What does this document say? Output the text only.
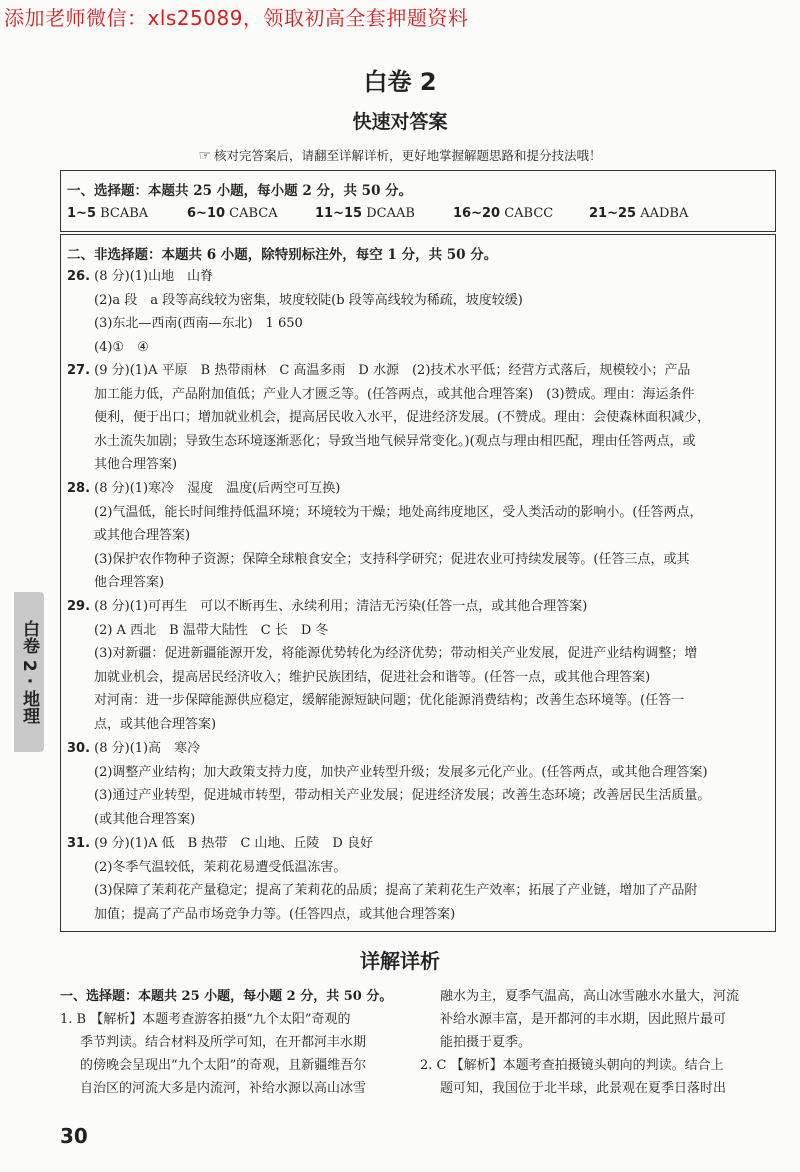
添加老师微信：xls25089，领取初高全套押题资料
白卷 2
快速对答案
☞ 核对完答案后，请翻至详解详析，更好地掌握解题思路和提分技法哦！
一、选择题：本题共 25 小题，每小题 2 分，共 50 分。
1~5 BCABA	6~10 CABCA	11~15 DCAAB	16~20 CABCC	21~25 AADBA
二、非选择题：本题共 6 小题，除特别标注外，每空 1 分，共 50 分。
26. (8 分)(1)山地　山脊
(2)a 段　a 段等高线较为密集，坡度较陡(b 段等高线较为稀疏，坡度较缓)
(3)东北—西南(西南—东北)　1 650
(4)①　④
27. (9 分)(1)A 平原　B 热带雨林　C 高温多雨　D 水源　(2)技术水平低；经营方式落后，规模较小；产品
加工能力低，产品附加值低；产业人才匮乏等。(任答两点，或其他合理答案)　(3)赞成。理由：海运条件
便利，便于出口；增加就业机会，提高居民收入水平，促进经济发展。(不赞成。理由：会使森林面积减少，
水土流失加剧；导致生态环境逐渐恶化；导致当地气候异常变化。)(观点与理由相匹配，理由任答两点，或
其他合理答案)
28. (8 分)(1)寒冷　湿度　温度(后两空可互换)
(2)气温低，能长时间维持低温环境；环境较为干燥；地处高纬度地区，受人类活动的影响小。(任答两点，
或其他合理答案)
(3)保护农作物种子资源；保障全球粮食安全；支持科学研究；促进农业可持续发展等。(任答三点，或其
他合理答案)
29. (8 分)(1)可再生　可以不断再生、永续利用；清洁无污染(任答一点，或其他合理答案)
(2) A 西北　B 温带大陆性　C 长　D 冬
(3)对新疆：促进新疆能源开发，将能源优势转化为经济优势；带动相关产业发展，促进产业结构调整；增
加就业机会，提高居民经济收入；维护民族团结，促进社会和谐等。(任答一点，或其他合理答案)
对河南：进一步保障能源供应稳定，缓解能源短缺问题；优化能源消费结构；改善生态环境等。(任答一
点，或其他合理答案)
30. (8 分)(1)高　寒冷
(2)调整产业结构；加大政策支持力度，加快产业转型升级；发展多元化产业。(任答两点，或其他合理答案)
(3)通过产业转型，促进城市转型，带动相关产业发展；促进经济发展；改善生态环境；改善居民生活质量。
(或其他合理答案)
31. (9 分)(1)A 低　B 热带　C 山地、丘陵　D 良好
(2)冬季气温较低，茉莉花易遭受低温冻害。
(3)保障了茉莉花产量稳定；提高了茉莉花的品质；提高了茉莉花生产效率；拓展了产业链，增加了产品附
加值；提高了产品市场竞争力等。(任答四点，或其他合理答案)
白卷 2 · 地理
详解详析
一、选择题：本题共 25 小题，每小题 2 分，共 50 分。
1. B 【解析】本题考查游客拍摄“九个太阳”奇观的
季节判读。结合材料及所学可知，在开都河丰水期
的傍晚会呈现出“九个太阳”的奇观，且新疆维吾尔
自治区的河流大多是内流河，补给水源以高山冰雪
融水为主，夏季气温高，高山冰雪融水水量大，河流
补给水源丰富，是开都河的丰水期，因此照片最可
能拍摄于夏季。
2. C 【解析】本题考查拍摄镜头朝向的判读。结合上
题可知，我国位于北半球，此景观在夏季日落时出
30
